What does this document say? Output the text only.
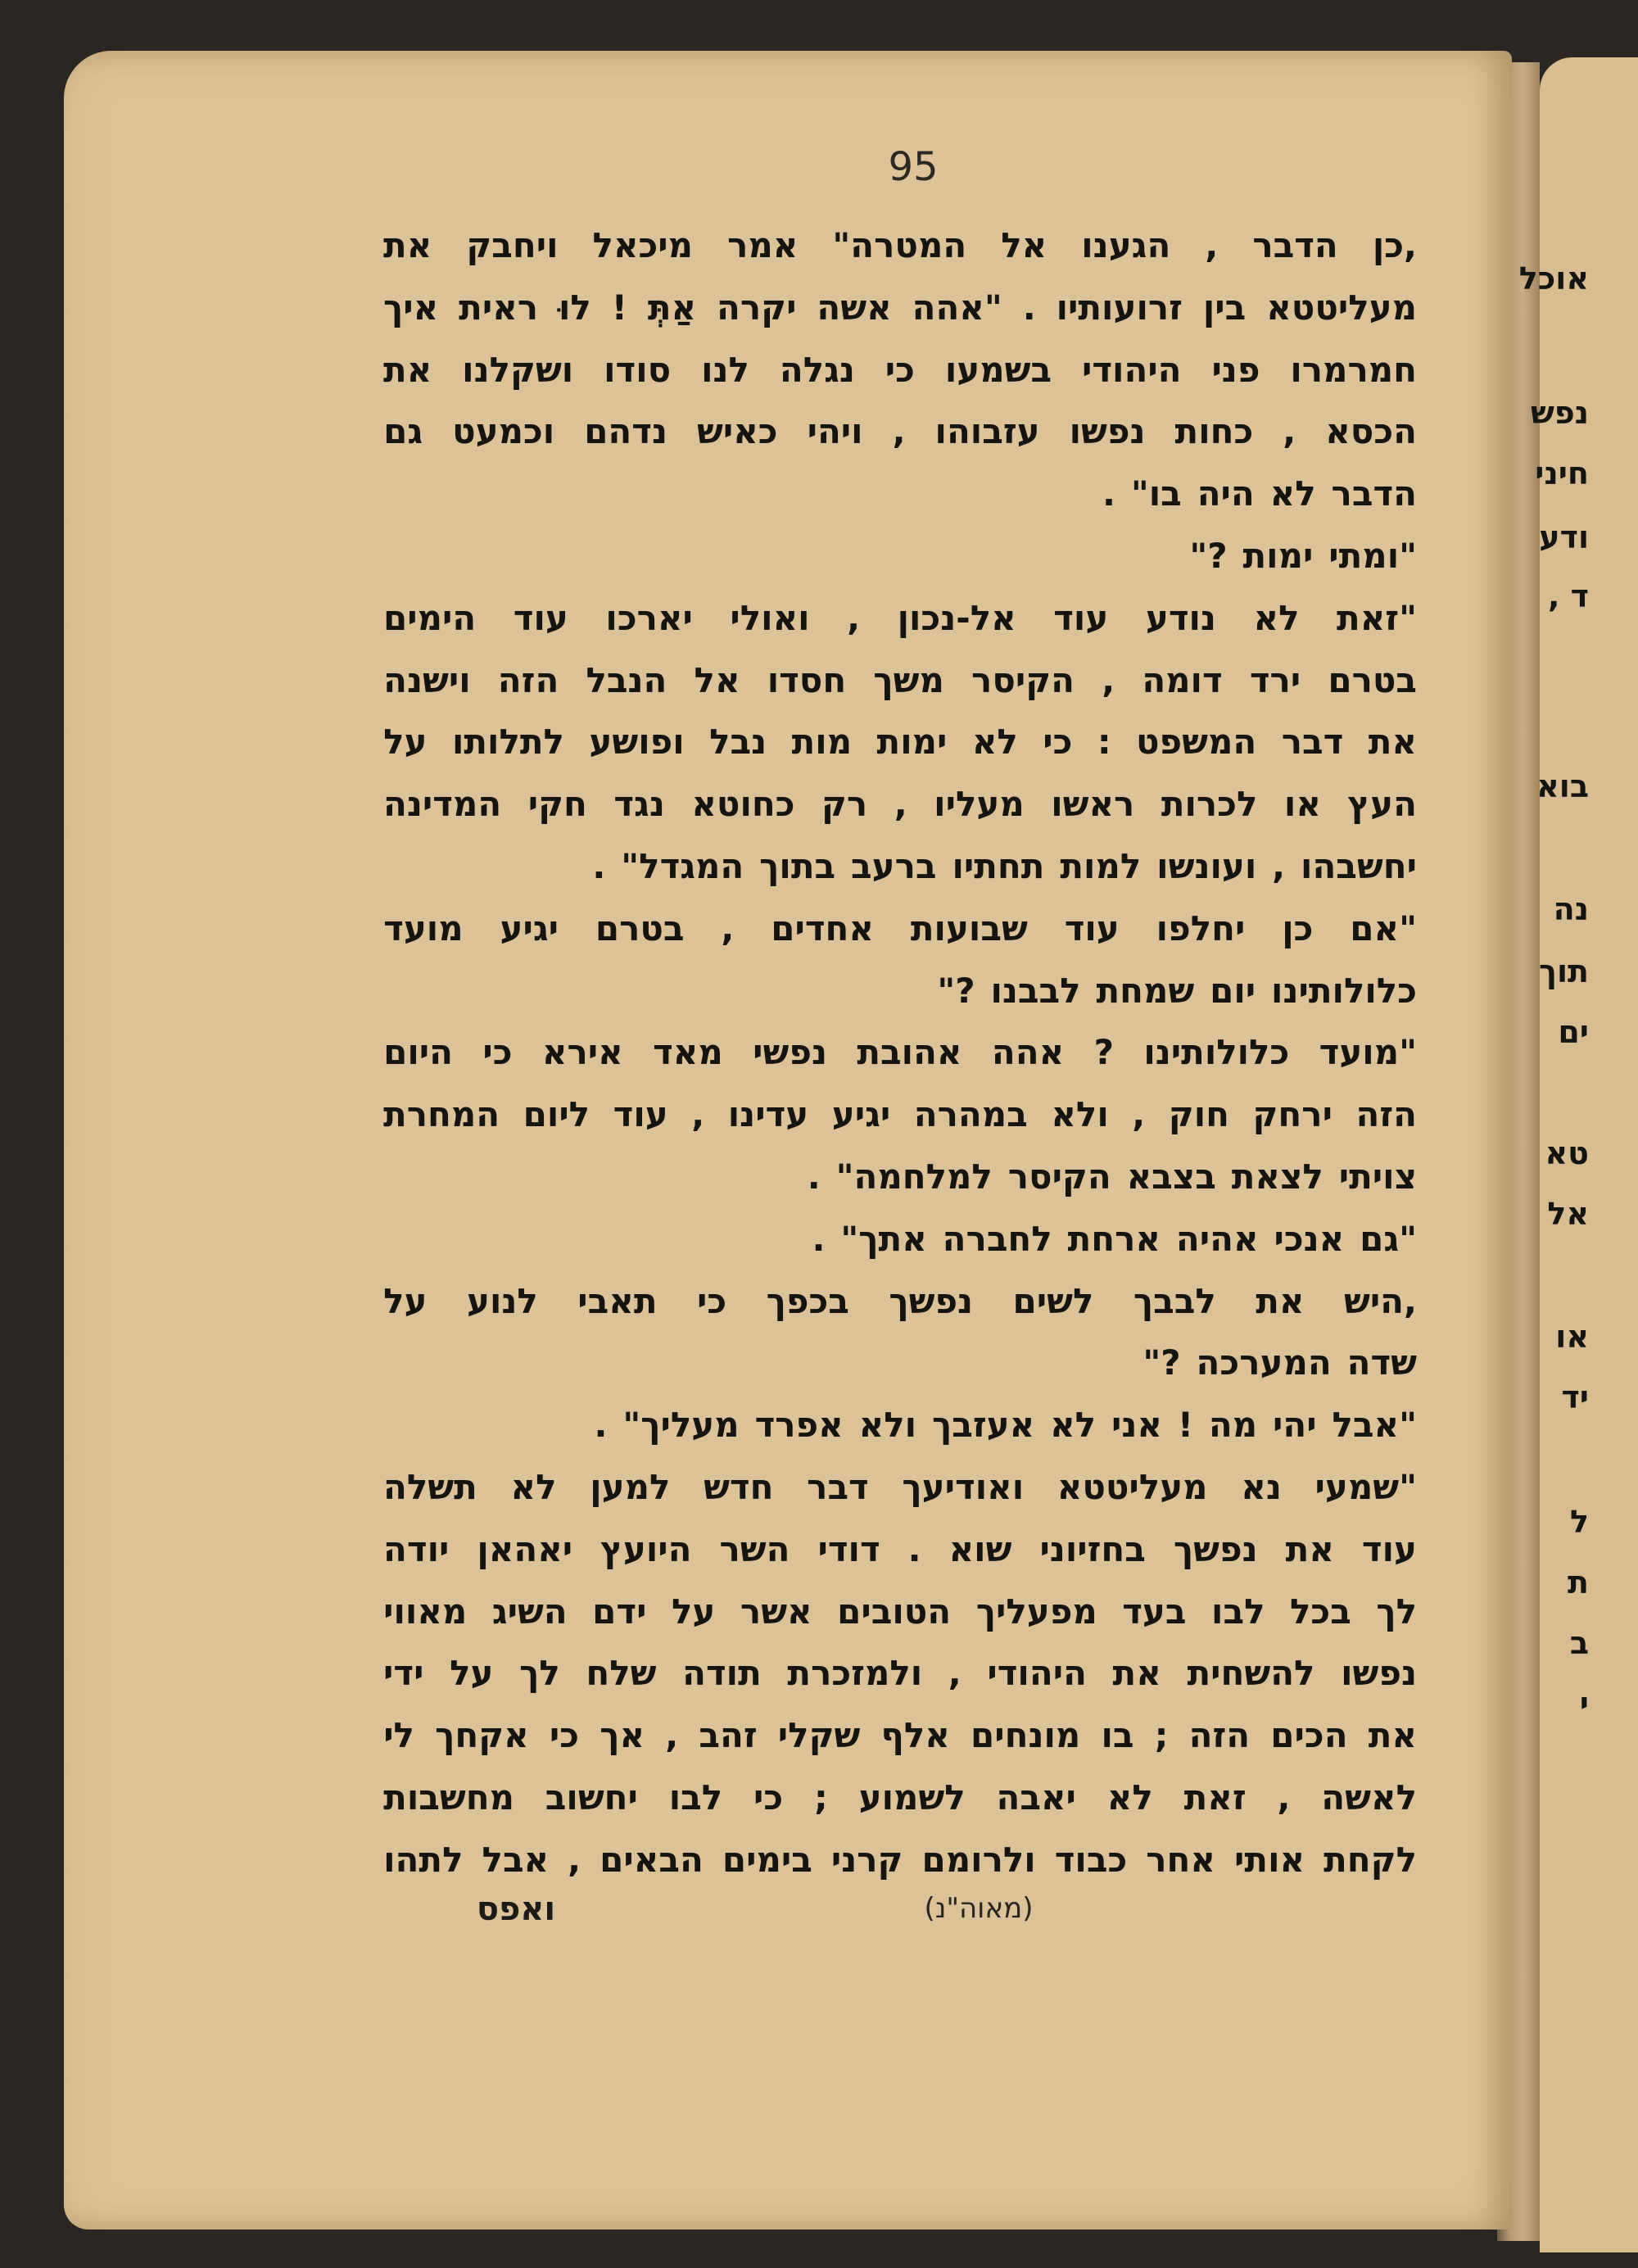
אוכל
נפש
חיני
ודע
ד ,
בוא
נה
תוך
ים
טא
אל
או
יד
ל
ת
ב
י
95
,כן
הדבר
,
הגענו
אל
המטרה"
אמר
מיכאל
ויחבק
את
מעליטטא
בין
זרועותיו
.
"אהה
אשה
יקרה
אַתְּ
!
לוּ
ראית
איך
חמרמרו
פני
היהודי
בשמעו
כי
נגלה
לנו
סודו
ושקלנו
את
הכסא
,
כחות
נפשו
עזבוהו
,
ויהי
כאיש
נדהם
וכמעט
גם
הדבר
לא
היה
בו"
.
"ומתי
ימות
?"
"זאת
לא
נודע
עוד
אל-נכון
,
ואולי
יארכו
עוד
הימים
בטרם
ירד
דומה
,
הקיסר
משך
חסדו
אל
הנבל
הזה
וישנה
את
דבר
המשפט
:
כי
לא
ימות
מות
נבל
ופושע
לתלותו
על
העץ
או
לכרות
ראשו
מעליו
,
רק
כחוטא
נגד
חקי
המדינה
יחשבהו
,
ועונשו
למות
תחתיו
ברעב
בתוך
המגדל"
.
"אם
כן
יחלפו
עוד
שבועות
אחדים
,
בטרם
יגיע
מועד
כלולותינו
יום
שמחת
לבבנו
?"
"מועד
כלולותינו
?
אהה
אהובת
נפשי
מאד
אירא
כי
היום
הזה
ירחק
חוק
,
ולא
במהרה
יגיע
עדינו
,
עוד
ליום
המחרת
צויתי
לצאת
בצבא
הקיסר
למלחמה"
.
"גם
אנכי
אהיה
ארחת
לחברה
אתך"
.
,היש
את
לבבך
לשים
נפשך
בכפך
כי
תאבי
לנוע
על
שדה
המערכה
?"
"אבל
יהי
מה
!
אני
לא
אעזבך
ולא
אפרד
מעליך"
.
"שמעי
נא
מעליטטא
ואודיעך
דבר
חדש
למען
לא
תשלה
עוד
את
נפשך
בחזיוני
שוא
.
דודי
השר
היועץ
יאהאן
יודה
לך
בכל
לבו
בעד
מפעליך
הטובים
אשר
על
ידם
השיג
מאווי
נפשו
להשחית
את
היהודי
,
ולמזכרת
תודה
שלח
לך
על
ידי
את
הכים
הזה
;
בו
מונחים
אלף
שקלי
זהב
,
אך
כי
אקחך
לי
לאשה
,
זאת
לא
יאבה
לשמוע
;
כי
לבו
יחשוב
מחשבות
לקחת
אותי
אחר
כבוד
ולרומם
קרני
בימים
הבאים
,
אבל
לתהו
(מאוה"נ)
ואפס
